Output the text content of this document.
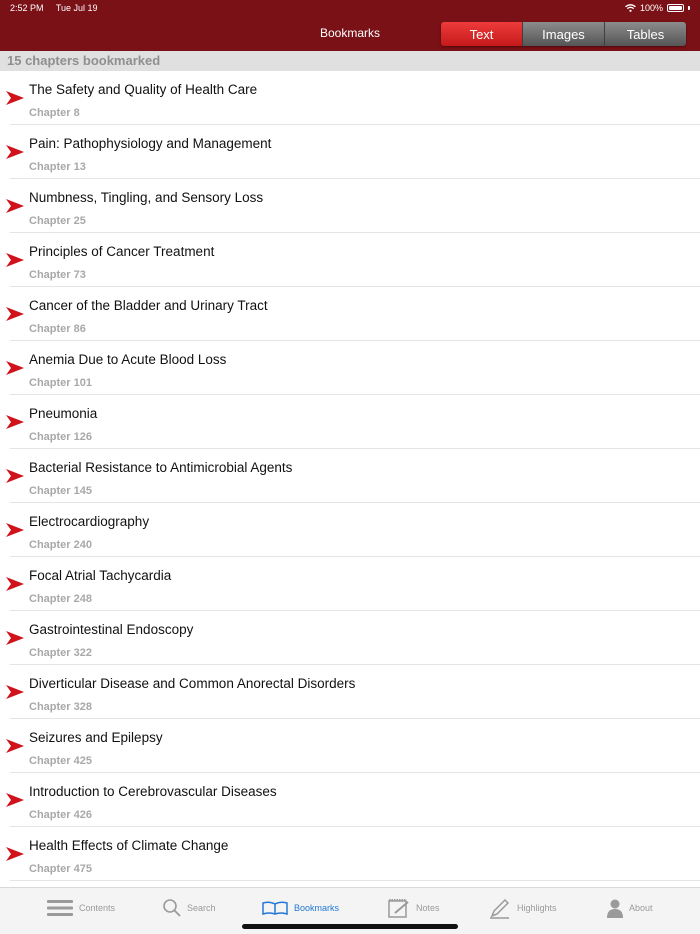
2:52 PM Tue Jul 19	100%
Bookmarks	Text	Images	Tables
15 chapters bookmarked
The Safety and Quality of Health Care
Chapter 8
Pain: Pathophysiology and Management
Chapter 13
Numbness, Tingling, and Sensory Loss
Chapter 25
Principles of Cancer Treatment
Chapter 73
Cancer of the Bladder and Urinary Tract
Chapter 86
Anemia Due to Acute Blood Loss
Chapter 101
Pneumonia
Chapter 126
Bacterial Resistance to Antimicrobial Agents
Chapter 145
Electrocardiography
Chapter 240
Focal Atrial Tachycardia
Chapter 248
Gastrointestinal Endoscopy
Chapter 322
Diverticular Disease and Common Anorectal Disorders
Chapter 328
Seizures and Epilepsy
Chapter 425
Introduction to Cerebrovascular Diseases
Chapter 426
Health Effects of Climate Change
Chapter 475
Contents	Search	Bookmarks	Notes	Highlights	About
